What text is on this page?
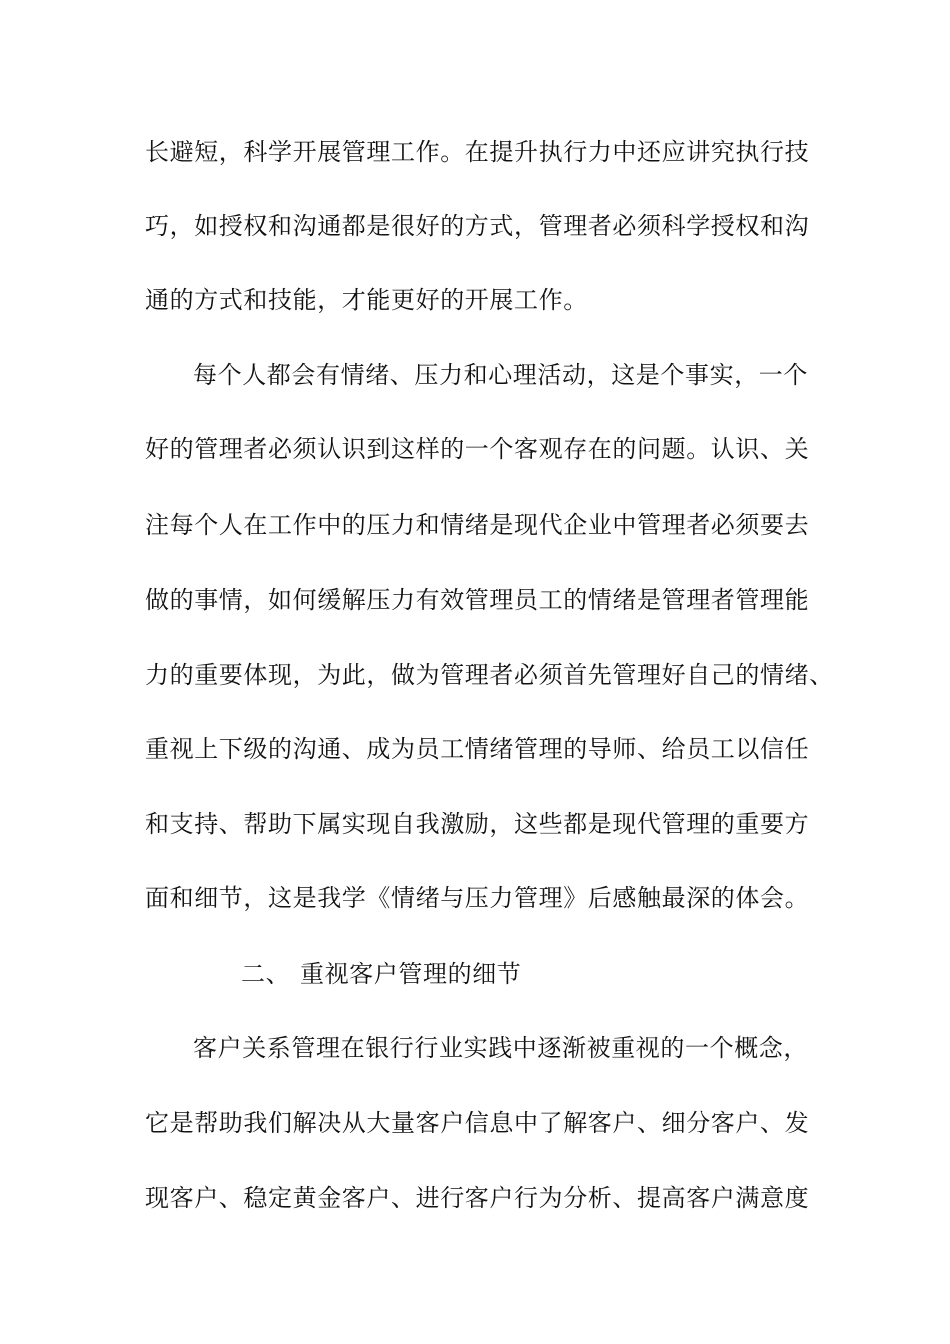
长避短，科学开展管理工作。在提升执行力中还应讲究执行技
巧，如授权和沟通都是很好的方式，管理者必须科学授权和沟
通的方式和技能，才能更好的开展工作。
每个人都会有情绪、压力和心理活动，这是个事实，一个
好的管理者必须认识到这样的一个客观存在的问题。认识、关
注每个人在工作中的压力和情绪是现代企业中管理者必须要去
做的事情，如何缓解压力有效管理员工的情绪是管理者管理能
力的重要体现，为此，做为管理者必须首先管理好自己的情绪、
重视上下级的沟通、成为员工情绪管理的导师、给员工以信任
和支持、帮助下属实现自我激励，这些都是现代管理的重要方
面和细节，这是我学《情绪与压力管理》后感触最深的体会。
二、 重视客户管理的细节
客户关系管理在银行行业实践中逐渐被重视的一个概念，
它是帮助我们解决从大量客户信息中了解客户、细分客户、发
现客户、稳定黄金客户、进行客户行为分析、提高客户满意度
